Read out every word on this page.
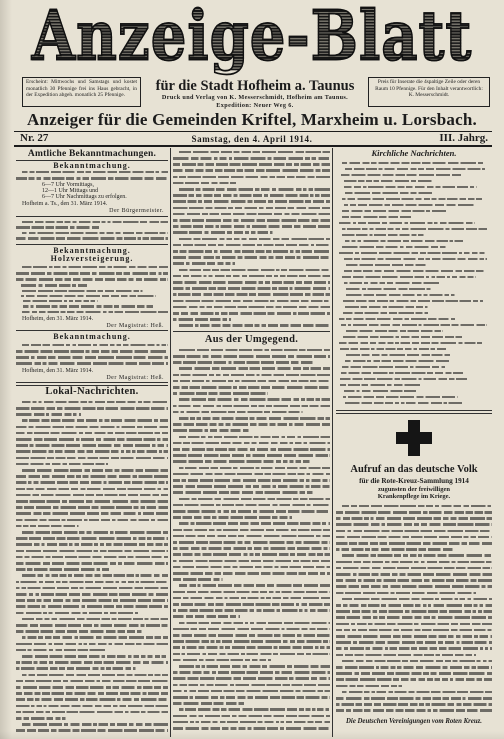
Anzeige-Blatt
Erscheint: Mittwochs und Samstags und kostet monatlich 30 Pfennige frei ins Haus gebracht, in der Expedition abgeh. monatlich 25 Pfennige.
für die Stadt Hofheim a. Taunus
Druck und Verlag von K. Messerschmidt, Hofheim am Taunus.
Expedition: Neuer Weg 6.
Preis für Inserate die 4spaltige Zeile oder deren Raum 10 Pfennige. Für den Inhalt verantwortlich: K. Messerschmidt.
Anzeiger für die Gemeinden Kriftel, Marxheim u. Lorsbach.
Nr. 27	Samstag, den 4. April 1914.	III. Jahrg.
Amtliche Bekanntmachungen.
Bekanntmachung.
6—7 Uhr Vormittags,
12—1 Uhr Mittags und
6—7 Uhr Nachmittags zu erfolgen.
Hofheim a. Ts., den 31. März 1914.
Der Bürgermeister.
Bekanntmachung.
Holzversteigerung.
Hofheim, den 31. März 1914.
Der Magistrat: Heß.
Bekanntmachung.
Hofheim, den 31. März 1914.
Der Magistrat: Heß.
Lokal-Nachrichten.
Aus der Umgegend.
Kirchliche Nachrichten.
Aufruf an das deutsche Volk
für die Rote-Kreuz-Sammlung 1914
zugunsten der freiwilligen
Krankenpflege im Kriege.
Die Deutschen Vereinigungen vom Roten Kreuz.
